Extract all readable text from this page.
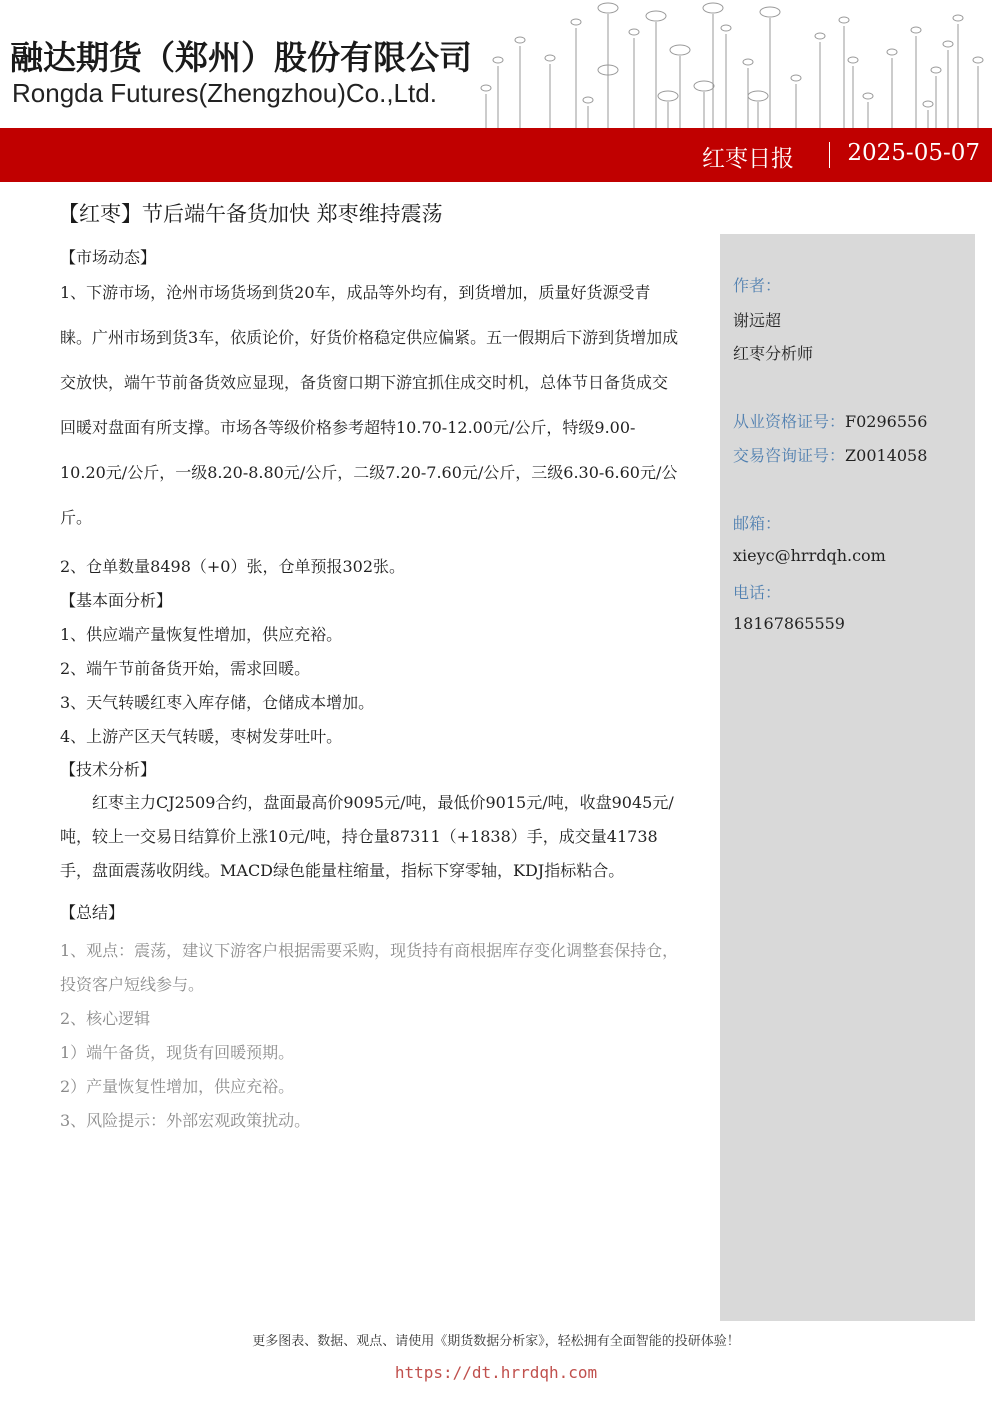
融达期货（郑州）股份有限公司
Rongda Futures(Zhengzhou)Co.,Ltd.
红枣日报 2025-05-07
【红枣】节后端午备货加快 郑枣维持震荡
作者：
谢远超
红枣分析师
从业资格证号：F0296556
交易咨询证号：Z0014058
邮箱：
xieyc@hrrdqh.com
电话：
18167865559
【市场动态】
1、下游市场，沧州市场货场到货20车，成品等外均有，到货增加，质量好货源受青睐。广州市场到货3车，依质论价，好货价格稳定供应偏紧。五一假期后下游到货增加成交放快，端午节前备货效应显现，备货窗口期下游宜抓住成交时机，总体节日备货成交回暖对盘面有所支撑。市场各等级价格参考超特10.70-12.00元/公斤，特级9.00-10.20元/公斤，一级8.20-8.80元/公斤，二级7.20-7.60元/公斤，三级6.30-6.60元/公斤。
2、仓单数量8498（+0）张，仓单预报302张。
【基本面分析】
1、供应端产量恢复性增加，供应充裕。
2、端午节前备货开始，需求回暖。
3、天气转暖红枣入库存储，仓储成本增加。
4、上游产区天气转暖，枣树发芽吐叶。
【技术分析】
红枣主力CJ2509合约，盘面最高价9095元/吨，最低价9015元/吨，收盘9045元/吨，较上一交易日结算价上涨10元/吨，持仓量87311（+1838）手，成交量41738手，盘面震荡收阴线。MACD绿色能量柱缩量，指标下穿零轴，KDJ指标粘合。
【总结】
1、观点：震荡，建议下游客户根据需要采购，现货持有商根据库存变化调整套保持仓，投资客户短线参与。
2、核心逻辑
1）端午备货，现货有回暖预期。
2）产量恢复性增加，供应充裕。
3、风险提示：外部宏观政策扰动。
更多图表、数据、观点、请使用《期货数据分析家》，轻松拥有全面智能的投研体验！
https://dt.hrrdqh.com
